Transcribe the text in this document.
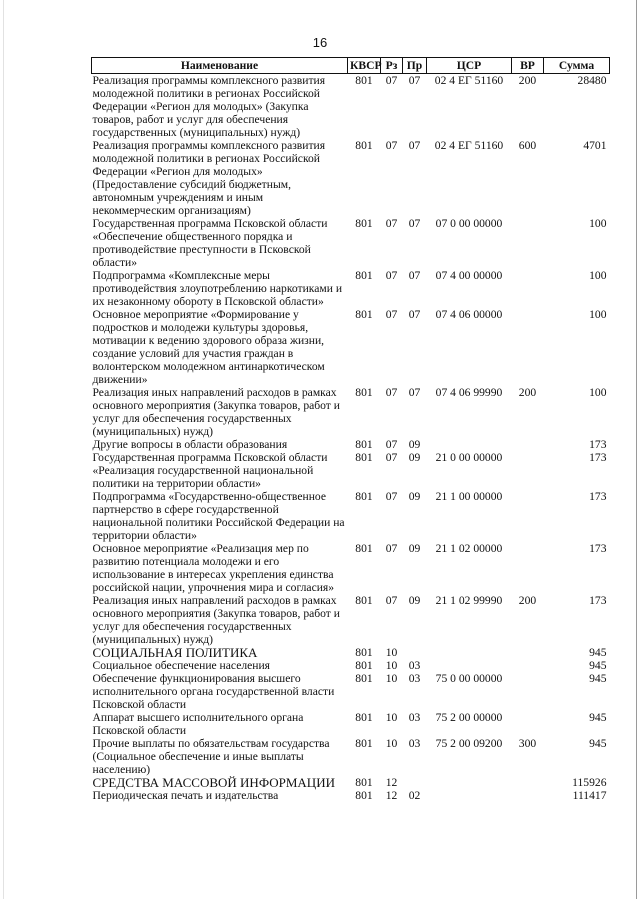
16
Наименование	КВСР	Рз	Пр	ЦСР	ВР	Сумма
Реализация программы комплексного развития молодежной политики в регионах Российской Федерации «Регион для молодых» (Закупка товаров, работ и услуг для обеспечения государственных (муниципальных) нужд)	801	07	07	02 4 ЕГ 51160	200	28480
Реализация программы комплексного развития молодежной политики в регионах Российской Федерации «Регион для молодых» (Предоставление субсидий бюджетным, автономным учреждениям и иным некоммерческим организациям)	801	07	07	02 4 ЕГ 51160	600	4701
Государственная программа Псковской области «Обеспечение общественного порядка и противодействие преступности в Псковской области»	801	07	07	07 0 00 00000		100
Подпрограмма «Комплексные меры противодействия злоупотреблению наркотиками и их незаконному обороту в Псковской области»	801	07	07	07 4 00 00000		100
Основное мероприятие «Формирование у подростков и молодежи культуры здоровья, мотивации к ведению здорового образа жизни, создание условий для участия граждан в волонтерском молодежном антинаркотическом движении»	801	07	07	07 4 06 00000		100
Реализация иных направлений расходов в рамках основного мероприятия (Закупка товаров, работ и услуг для обеспечения государственных (муниципальных) нужд)	801	07	07	07 4 06 99990	200	100
Другие вопросы в области образования	801	07	09			173
Государственная программа Псковской области «Реализация государственной национальной политики на территории области»	801	07	09	21 0 00 00000		173
Подпрограмма «Государственно-общественное партнерство в сфере государственной национальной политики Российской Федерации на территории области»	801	07	09	21 1 00 00000		173
Основное мероприятие «Реализация мер по развитию потенциала молодежи и его использование в интересах укрепления единства российской нации, упрочнения мира и согласия»	801	07	09	21 1 02 00000		173
Реализация иных направлений расходов в рамках основного мероприятия (Закупка товаров, работ и услуг для обеспечения государственных (муниципальных) нужд)	801	07	09	21 1 02 99990	200	173
СОЦИАЛЬНАЯ ПОЛИТИКА	801	10				945
Социальное обеспечение населения	801	10	03			945
Обеспечение функционирования высшего исполнительного органа государственной власти Псковской области	801	10	03	75 0 00 00000		945
Аппарат высшего исполнительного органа Псковской области	801	10	03	75 2 00 00000		945
Прочие выплаты по обязательствам государства (Социальное обеспечение и иные выплаты населению)	801	10	03	75 2 00 09200	300	945
СРЕДСТВА МАССОВОЙ ИНФОРМАЦИИ	801	12				115926
Периодическая печать и издательства	801	12	02			111417
